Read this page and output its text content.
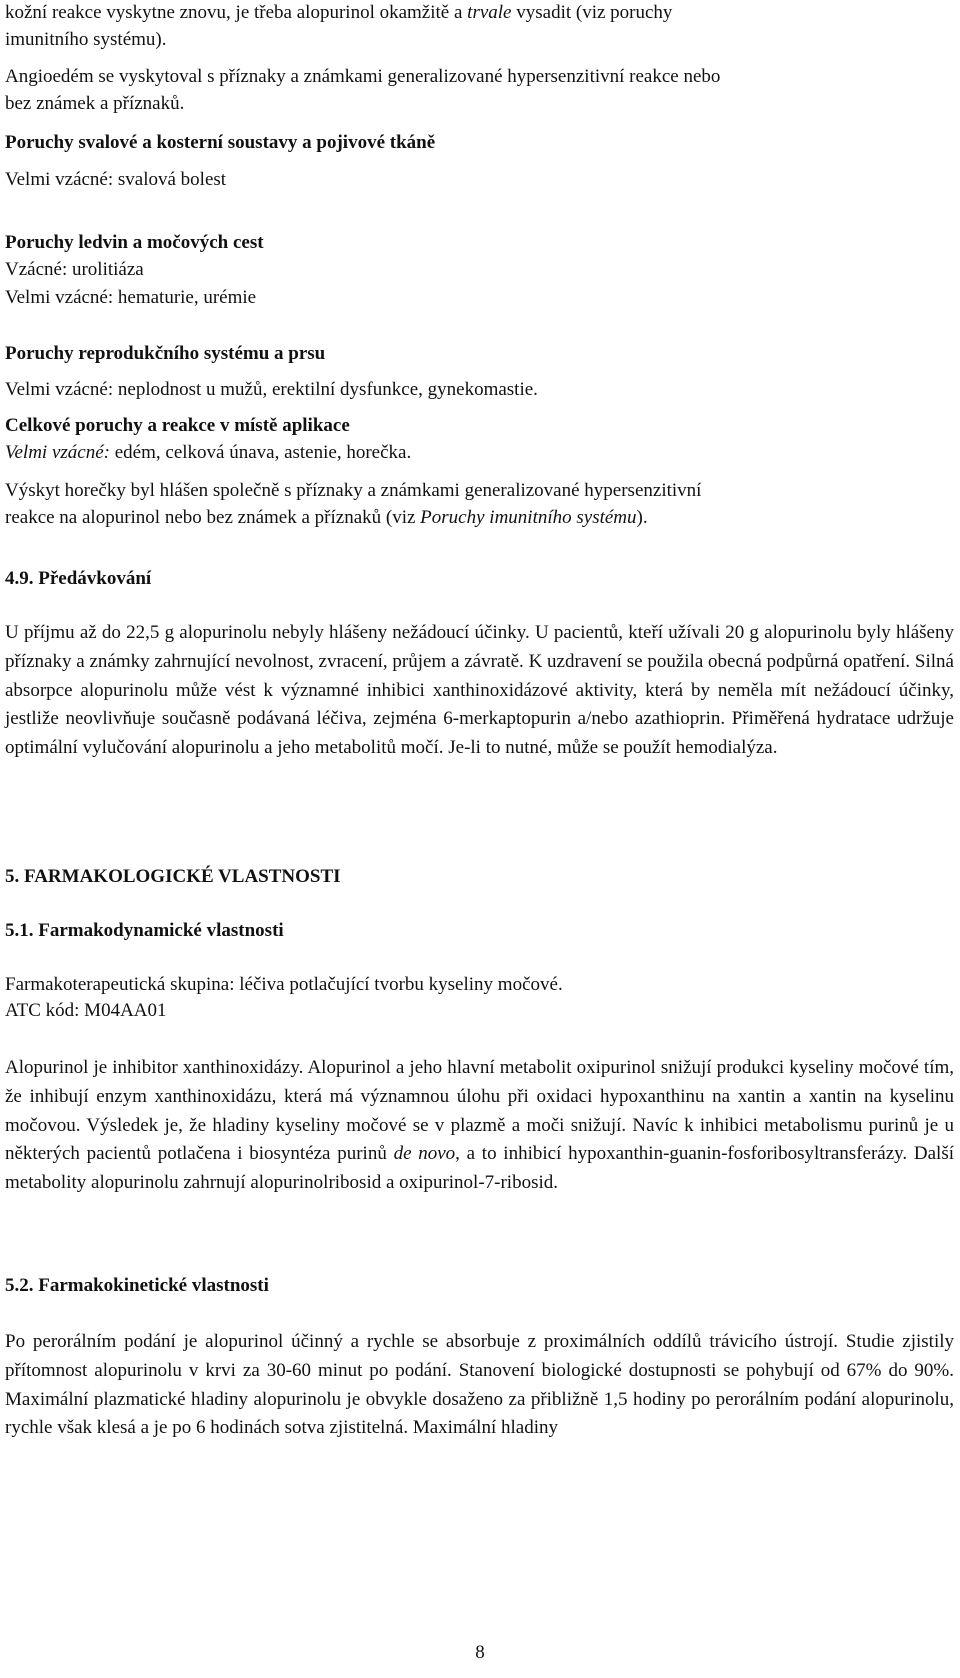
kožní reakce vyskytne znovu, je třeba alopurinol okamžitě a trvale vysadit (viz poruchy
imunitního systému).
Angioedém se vyskytoval s příznaky a známkami generalizované hypersenzitivní reakce nebo
bez známek a příznaků.
Poruchy svalové a kosterní soustavy a pojivové tkáně
Velmi vzácné: svalová bolest
Poruchy ledvin a močových cest
Vzácné: urolitiáza
Velmi vzácné: hematurie, urémie
Poruchy reprodukčního systému a prsu
Velmi vzácné: neplodnost u mužů, erektilní dysfunkce, gynekomastie.
Celkové poruchy a reakce v místě aplikace
Velmi vzácné: edém, celková únava, astenie, horečka.
Výskyt horečky byl hlášen společně s příznaky a známkami generalizované hypersenzitivní
reakce na alopurinol nebo bez známek a příznaků (viz Poruchy imunitního systému).
4.9. Předávkování
U příjmu až do 22,5 g alopurinolu nebyly hlášeny nežádoucí účinky. U pacientů, kteří užívali 20 g alopurinolu byly hlášeny příznaky a známky zahrnující nevolnost, zvracení, průjem a závratě. K uzdravení se použila obecná podpůrná opatření. Silná absorpce alopurinolu může vést k významné inhibici xanthinoxidázové aktivity, která by neměla mít nežádoucí účinky, jestliže neovlivňuje současně podávaná léčiva, zejména 6-merkaptopurin a/nebo azathioprin. Přiměřená hydratace udržuje optimální vylučování alopurinolu a jeho metabolitů močí. Je-li to nutné, může se použít hemodialýza.
5. FARMAKOLOGICKÉ VLASTNOSTI
5.1. Farmakodynamické vlastnosti
Farmakoterapeutická skupina: léčiva potlačující tvorbu kyseliny močové.
ATC kód: M04AA01
Alopurinol je inhibitor xanthinoxidázy. Alopurinol a jeho hlavní metabolit oxipurinol snižují produkci kyseliny močové tím, že inhibují enzym xanthinoxidázu, která má významnou úlohu při oxidaci hypoxanthinu na xantin a xantin na kyselinu močovou. Výsledek je, že hladiny kyseliny močové se v plazmě a moči snižují. Navíc k inhibici metabolismu purinů je u některých pacientů potlačena i biosyntéza purinů de novo, a to inhibicí hypoxanthin-guanin-fosforibosyltransferázy. Další metabolity alopurinolu zahrnují alopurinolribosid a oxipurinol-7-ribosid.
5.2. Farmakokinetické vlastnosti
Po perorálním podání je alopurinol účinný a rychle se absorbuje z proximálních oddílů trávicího ústrojí. Studie zjistily přítomnost alopurinolu v krvi za 30-60 minut po podání. Stanovení biologické dostupnosti se pohybují od 67% do 90%. Maximální plazmatické hladiny alopurinolu je obvykle dosaženo za přibližně 1,5 hodiny po perorálním podání alopurinolu, rychle však klesá a je po 6 hodinách sotva zjistitelná. Maximální hladiny
8
